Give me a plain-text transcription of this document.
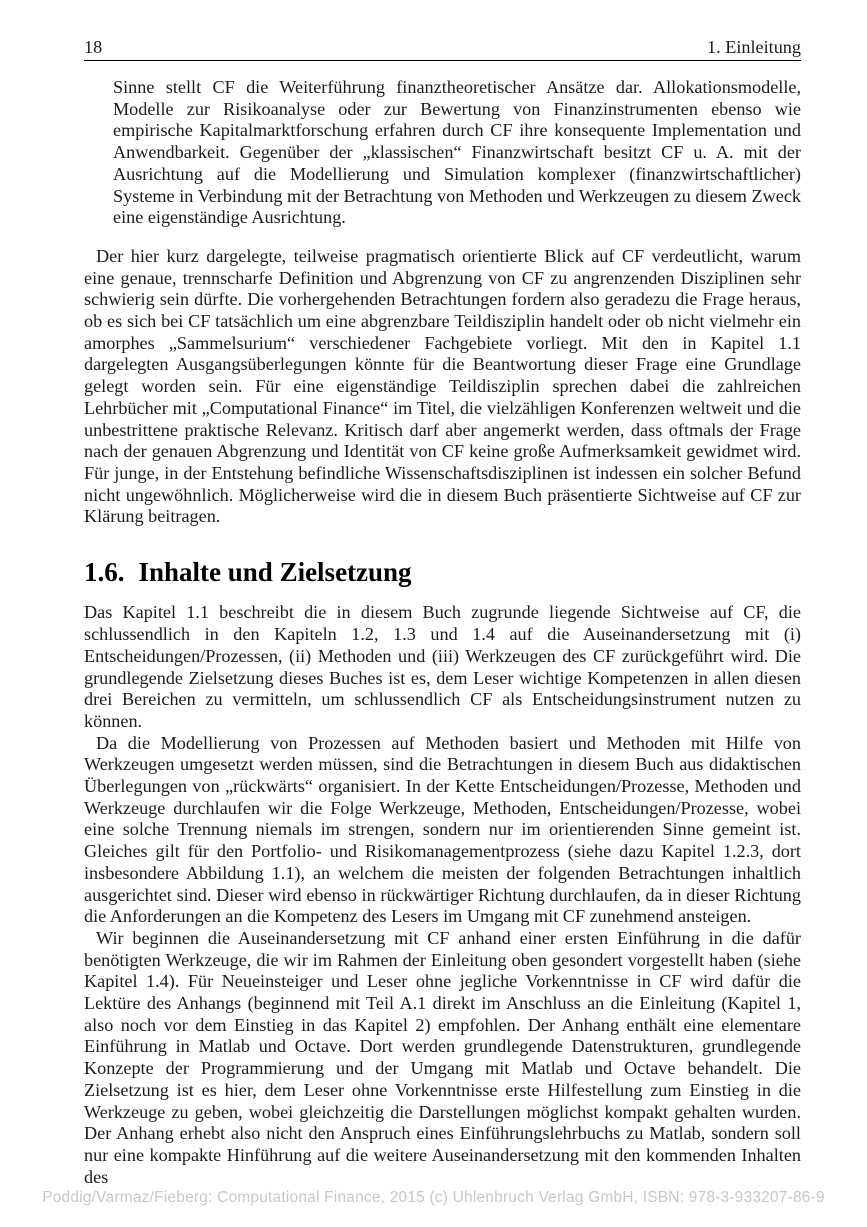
18	1. Einleitung

Sinne stellt CF die Weiterführung finanztheoretischer Ansätze dar. Allokationsmodelle, Modelle zur Risikoanalyse oder zur Bewertung von Finanzinstrumenten ebenso wie empirische Kapitalmarktforschung erfahren durch CF ihre konsequente Implementation und Anwendbarkeit. Gegenüber der „klassischen“ Finanzwirtschaft besitzt CF u. A. mit der Ausrichtung auf die Modellierung und Simulation komplexer (finanzwirtschaftlicher) Systeme in Verbindung mit der Betrachtung von Methoden und Werkzeugen zu diesem Zweck eine eigenständige Ausrichtung.

Der hier kurz dargelegte, teilweise pragmatisch orientierte Blick auf CF verdeutlicht, warum eine genaue, trennscharfe Definition und Abgrenzung von CF zu angrenzenden Disziplinen sehr schwierig sein dürfte. Die vorhergehenden Betrachtungen fordern also geradezu die Frage heraus, ob es sich bei CF tatsächlich um eine abgrenzbare Teildisziplin handelt oder ob nicht vielmehr ein amorphes „Sammelsurium“ verschiedener Fachgebiete vorliegt. Mit den in Kapitel 1.1 dargelegten Ausgangsüberlegungen könnte für die Beantwortung dieser Frage eine Grundlage gelegt worden sein. Für eine eigenständige Teildisziplin sprechen dabei die zahlreichen Lehrbücher mit „Computational Finance“ im Titel, die vielzähligen Konferenzen weltweit und die unbestrittene praktische Relevanz. Kritisch darf aber angemerkt werden, dass oftmals der Frage nach der genauen Abgrenzung und Identität von CF keine große Aufmerksamkeit gewidmet wird. Für junge, in der Entstehung befindliche Wissenschaftsdisziplinen ist indessen ein solcher Befund nicht ungewöhnlich. Möglicherweise wird die in diesem Buch präsentierte Sichtweise auf CF zur Klärung beitragen.

1.6. Inhalte und Zielsetzung

Das Kapitel 1.1 beschreibt die in diesem Buch zugrunde liegende Sichtweise auf CF, die schlussendlich in den Kapiteln 1.2, 1.3 und 1.4 auf die Auseinandersetzung mit (i) Entscheidungen/Prozessen, (ii) Methoden und (iii) Werkzeugen des CF zurückgeführt wird. Die grundlegende Zielsetzung dieses Buches ist es, dem Leser wichtige Kompetenzen in allen diesen drei Bereichen zu vermitteln, um schlussendlich CF als Entscheidungsinstrument nutzen zu können.

Da die Modellierung von Prozessen auf Methoden basiert und Methoden mit Hilfe von Werkzeugen umgesetzt werden müssen, sind die Betrachtungen in diesem Buch aus didaktischen Überlegungen von „rückwärts“ organisiert. In der Kette Entscheidungen/Prozesse, Methoden und Werkzeuge durchlaufen wir die Folge Werkzeuge, Methoden, Entscheidungen/Prozesse, wobei eine solche Trennung niemals im strengen, sondern nur im orientierenden Sinne gemeint ist. Gleiches gilt für den Portfolio- und Risikomanagementprozess (siehe dazu Kapitel 1.2.3, dort insbesondere Abbildung 1.1), an welchem die meisten der folgenden Betrachtungen inhaltlich ausgerichtet sind. Dieser wird ebenso in rückwärtiger Richtung durchlaufen, da in dieser Richtung die Anforderungen an die Kompetenz des Lesers im Umgang mit CF zunehmend ansteigen.

Wir beginnen die Auseinandersetzung mit CF anhand einer ersten Einführung in die dafür benötigten Werkzeuge, die wir im Rahmen der Einleitung oben gesondert vorgestellt haben (siehe Kapitel 1.4). Für Neueinsteiger und Leser ohne jegliche Vorkenntnisse in CF wird dafür die Lektüre des Anhangs (beginnend mit Teil A.1 direkt im Anschluss an die Einleitung (Kapitel 1, also noch vor dem Einstieg in das Kapitel 2) empfohlen. Der Anhang enthält eine elementare Einführung in Matlab und Octave. Dort werden grundlegende Datenstrukturen, grundlegende Konzepte der Programmierung und der Umgang mit Matlab und Octave behandelt. Die Zielsetzung ist es hier, dem Leser ohne Vorkenntnisse erste Hilfestellung zum Einstieg in die Werkzeuge zu geben, wobei gleichzeitig die Darstellungen möglichst kompakt gehalten wurden. Der Anhang erhebt also nicht den Anspruch eines Einführungslehrbuchs zu Matlab, sondern soll nur eine kompakte Hinführung auf die weitere Auseinandersetzung mit den kommenden Inhalten des

Poddig/Varmaz/Fieberg: Computational Finance, 2015 (c) Uhlenbruch Verlag GmbH, ISBN: 978-3-933207-86-9
